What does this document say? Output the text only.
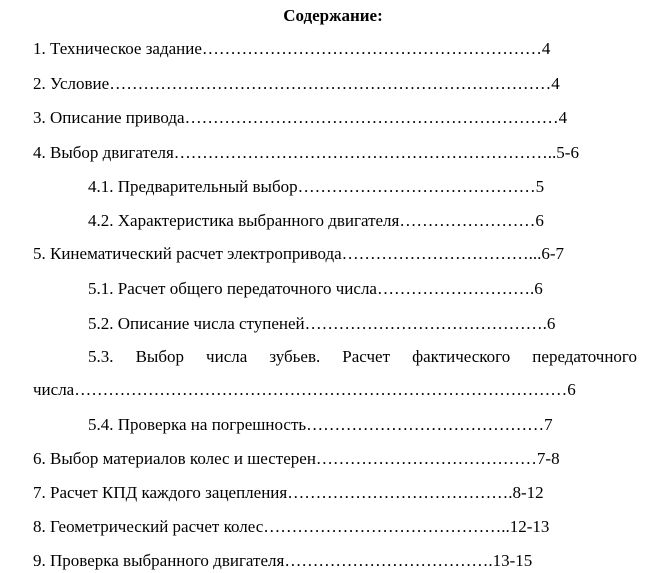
Содержание:
1. Техническое задание……………………………………………………4
2. Условие……………………………………………………………………4
3. Описание привода…………………………………………………………4
4. Выбор двигателя…………………………………………………………..5-6
4.1. Предварительный выбор……………………………………5
4.2. Характеристика выбранного двигателя……………………6
5. Кинематический расчет электропривода……………………………...6-7
5.1. Расчет общего передаточного числа……………………….6
5.2. Описание числа ступеней…………………………………….6
5.3. Выбор числа зубьев. Расчет фактического передаточного
числа……………………………………………………………………………6
5.4. Проверка на погрешность……………………………………7
6. Выбор материалов колес и шестерен…………………………………7-8
7. Расчет КПД каждого зацепления………………………………….8-12
8. Геометрический расчет колес……………………………………..12-13
9. Проверка выбранного двигателя……………………………….13-15
